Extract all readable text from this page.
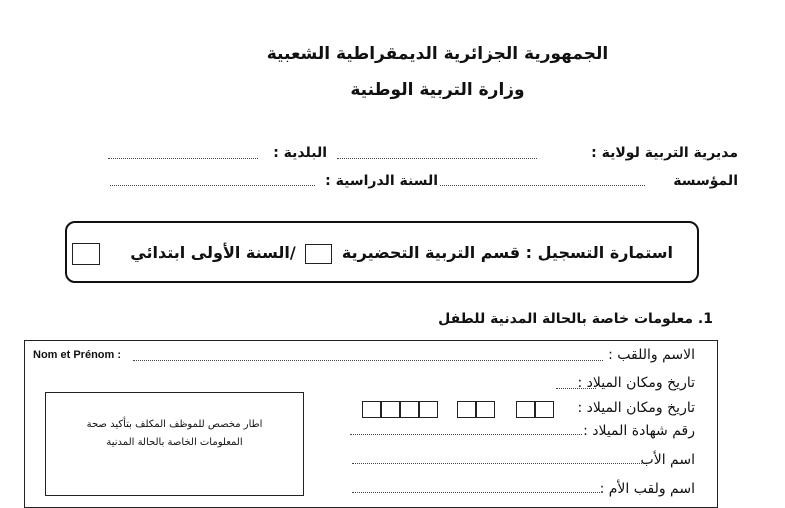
الجمهورية الجزائرية الديمقراطية الشعبية
وزارة التربية الوطنية
مديرية التربية لولاية :
البلدية :
المؤسسة
السنة الدراسية :
استمارة التسجيل : قسم التربية التحضيرية  /السنة الأولى ابتدائي
1. معلومات خاصة بالحالة المدنية للطفل
الاسم واللقب :
Nom et Prénom :
تاريخ ومكان الميلاد :
تاريخ ومكان الميلاد :
رقم شهادة الميلاد :
اسم الأب
اسم ولقب الأم :
اطار مخصص للموظف المكلف بتأكيد صحة
المعلومات الخاصة بالحالة المدنية
